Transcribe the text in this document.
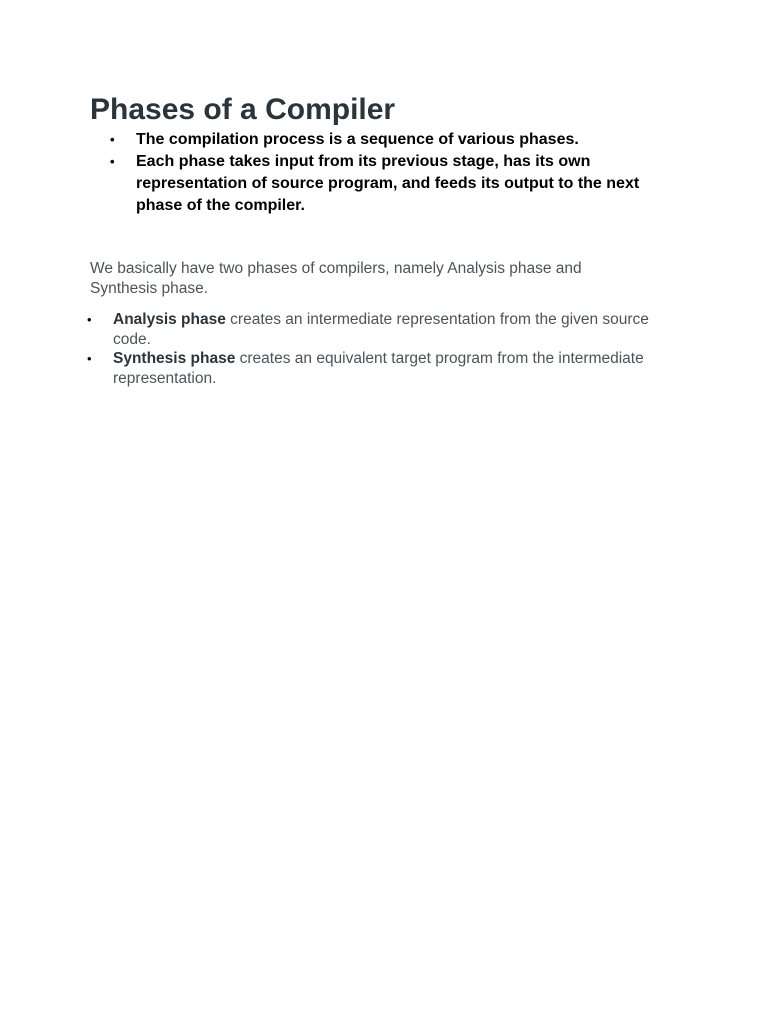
Phases of a Compiler
• The compilation process is a sequence of various phases.
• Each phase takes input from its previous stage, has its own representation of source program, and feeds its output to the next phase of the compiler.

We basically have two phases of compilers, namely Analysis phase and Synthesis phase.

• Analysis phase creates an intermediate representation from the given source code.
• Synthesis phase creates an equivalent target program from the intermediate representation.
